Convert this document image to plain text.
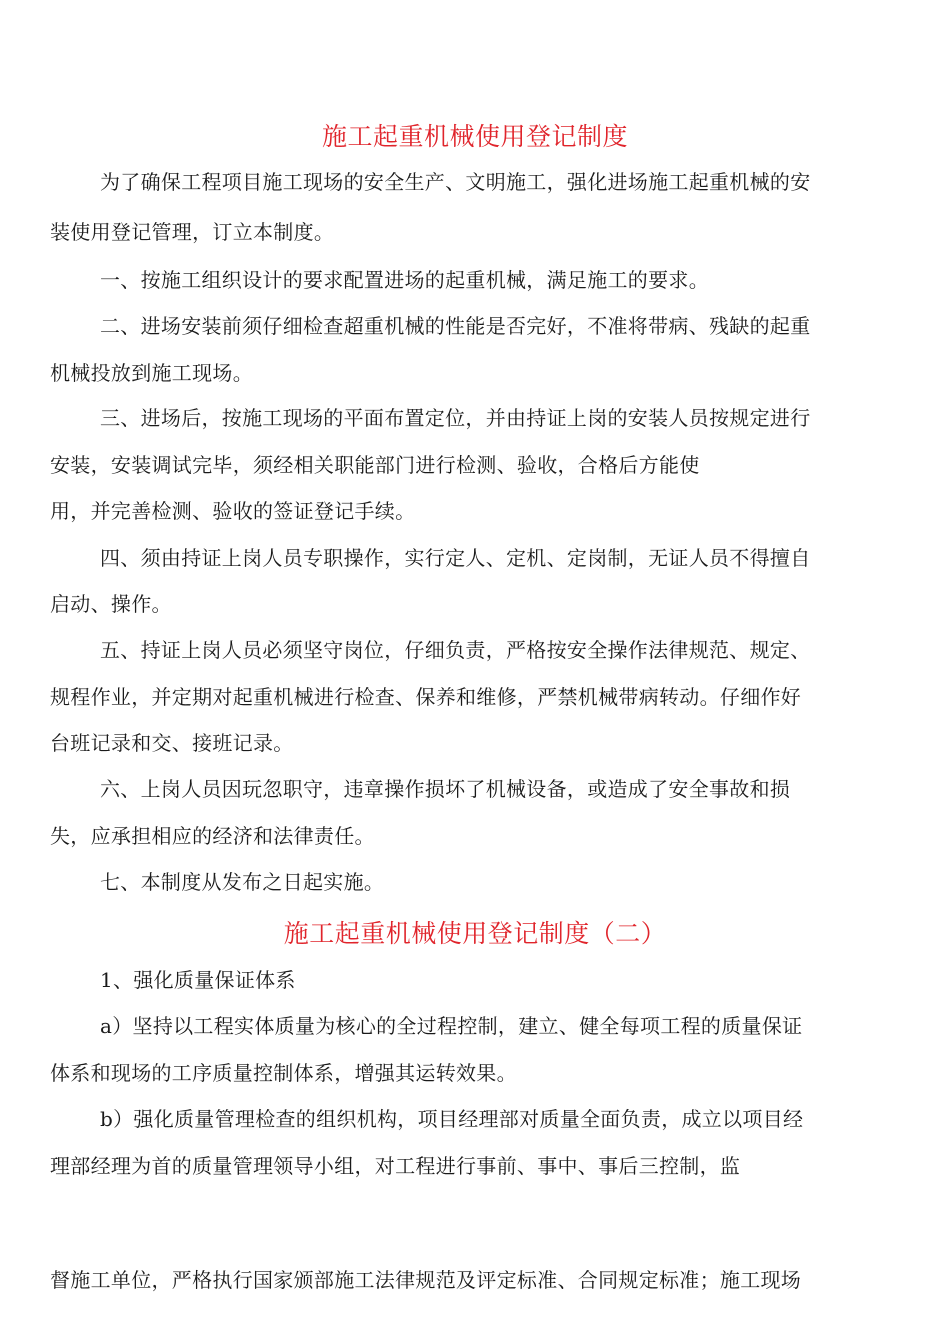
施工起重机械使用登记制度
为了确保工程项目施工现场的安全生产、文明施工，强化进场施工起重机械的安
装使用登记管理，订立本制度。
一、按施工组织设计的要求配置进场的起重机械，满足施工的要求。
二、进场安装前须仔细检查超重机械的性能是否完好，不准将带病、残缺的起重
机械投放到施工现场。
三、进场后，按施工现场的平面布置定位，并由持证上岗的安装人员按规定进行
安装，安装调试完毕，须经相关职能部门进行检测、验收，合格后方能使
用，并完善检测、验收的签证登记手续。
四、须由持证上岗人员专职操作，实行定人、定机、定岗制，无证人员不得擅自
启动、操作。
五、持证上岗人员必须坚守岗位，仔细负责，严格按安全操作法律规范、规定、
规程作业，并定期对起重机械进行检查、保养和维修，严禁机械带病转动。仔细作好
台班记录和交、接班记录。
六、上岗人员因玩忽职守，违章操作损坏了机械设备，或造成了安全事故和损
失，应承担相应的经济和法律责任。
七、本制度从发布之日起实施。
施工起重机械使用登记制度（二）
1、强化质量保证体系
a）坚持以工程实体质量为核心的全过程控制，建立、健全每项工程的质量保证
体系和现场的工序质量控制体系，增强其运转效果。
b）强化质量管理检查的组织机构，项目经理部对质量全面负责，成立以项目经
理部经理为首的质量管理领导小组，对工程进行事前、事中、事后三控制，监
督施工单位，严格执行国家颁部施工法律规范及评定标准、合同规定标准；施工现场
